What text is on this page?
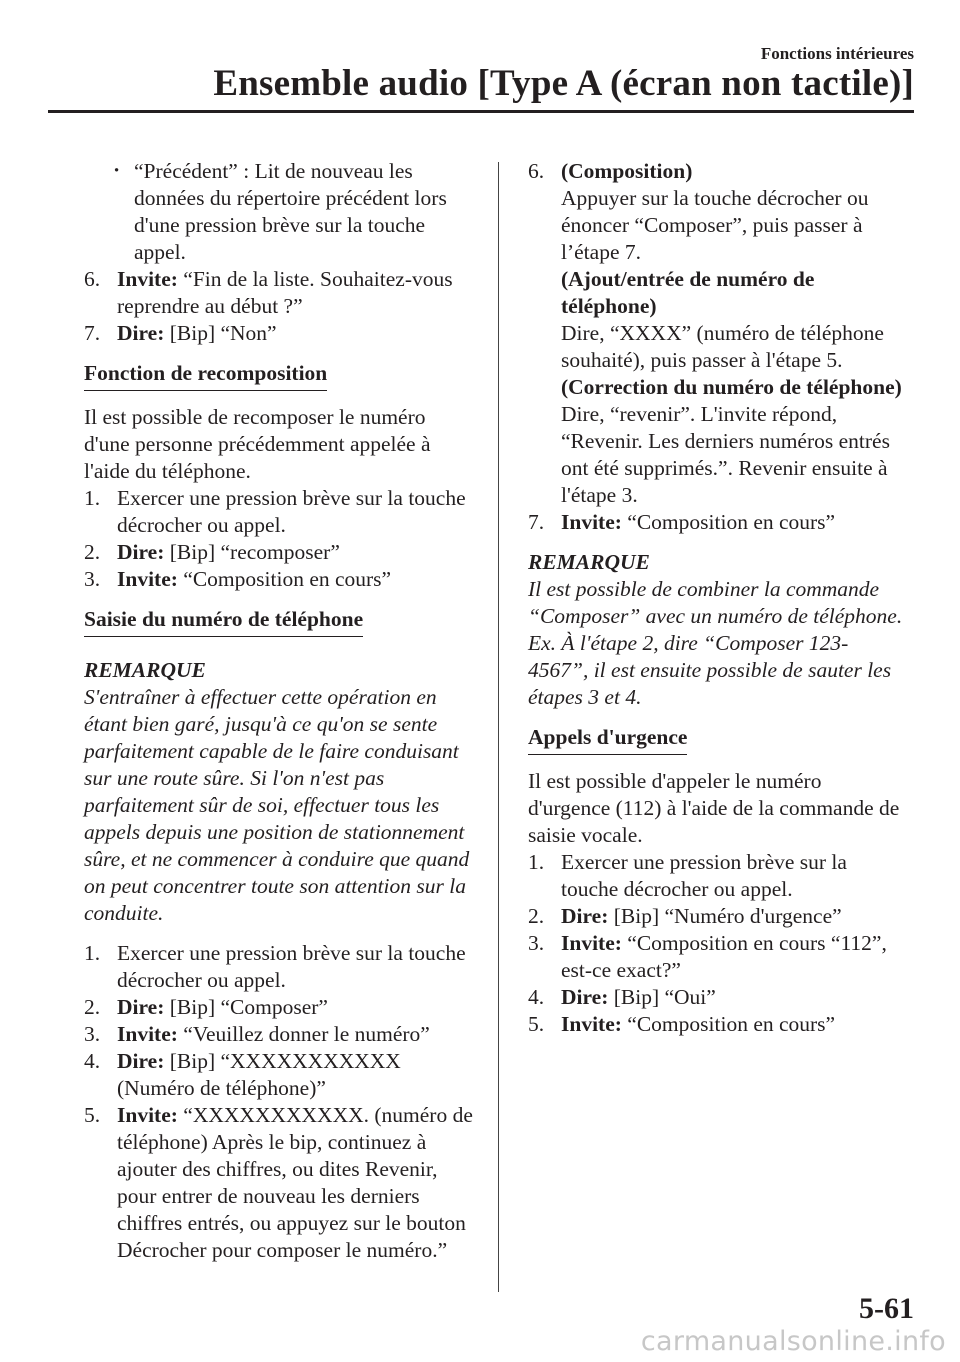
Fonctions intérieures
Ensemble audio [Type A (écran non tactile)]

· “Précédent” : Lit de nouveau les données du répertoire précédent lors d'une pression brève sur la touche appel.

6. Invite: “Fin de la liste. Souhaitez-vous reprendre au début ?”

7. Dire: [Bip] “Non”

Fonction de recomposition

Il est possible de recomposer le numéro d'une personne précédemment appelée à l'aide du téléphone.

1. Exercer une pression brève sur la touche décrocher ou appel.

2. Dire: [Bip] “recomposer”

3. Invite: “Composition en cours”

Saisie du numéro de téléphone

REMARQUE

S'entraîner à effectuer cette opération en étant bien garé, jusqu'à ce qu'on se sente parfaitement capable de le faire conduisant sur une route sûre. Si l'on n'est pas parfaitement sûr de soi, effectuer tous les appels depuis une position de stationnement sûre, et ne commencer à conduire que quand on peut concentrer toute son attention sur la conduite.

1. Exercer une pression brève sur la touche décrocher ou appel.

2. Dire: [Bip] “Composer”

3. Invite: “Veuillez donner le numéro”

4. Dire: [Bip] “XXXXXXXXXXX (Numéro de téléphone)”

5. Invite: “XXXXXXXXXXX. (numéro de téléphone) Après le bip, continuez à ajouter des chiffres, ou dites Revenir, pour entrer de nouveau les derniers chiffres entrés, ou appuyez sur le bouton Décrocher pour composer le numéro.”

6. (Composition)

Appuyer sur la touche décrocher ou énoncer “Composer”, puis passer à l’étape 7.

(Ajout/entrée de numéro de téléphone)

Dire, “XXXX” (numéro de téléphone souhaité), puis passer à l'étape 5.

(Correction du numéro de téléphone)

Dire, “revenir”. L'invite répond, “Revenir. Les derniers numéros entrés ont été supprimés.”. Revenir ensuite à l'étape 3.

7. Invite: “Composition en cours”

REMARQUE

Il est possible de combiner la commande “Composer” avec un numéro de téléphone. Ex. À l'étape 2, dire “Composer 123-4567”, il est ensuite possible de sauter les étapes 3 et 4.

Appels d'urgence

Il est possible d'appeler le numéro d'urgence (112) à l'aide de la commande de saisie vocale.

1. Exercer une pression brève sur la touche décrocher ou appel.

2. Dire: [Bip] “Numéro d'urgence”

3. Invite: “Composition en cours “112”, est-ce exact?”

4. Dire: [Bip] “Oui”

5. Invite: “Composition en cours”

5-61
carmanualsonline.info
